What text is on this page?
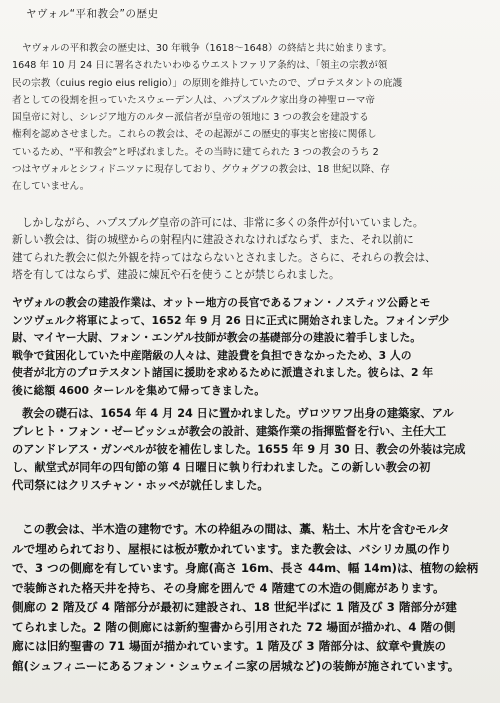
ヤヴォル“平和教会”の歴史

ヤヴォルの平和教会の歴史は、30 年戦争（1618～1648）の終結と共に始まります。

1648 年 10 月 24 日に署名されたいわゆるウエストファリア条約は、「領主の宗教が領

民の宗教（cuius regio eius religio）」の原則を維持していたので、プロテスタントの庇護

者としての役割を担っていたスウェーデン人は、ハプスブルク家出身の神聖ローマ帝

国皇帝に対し、シレジア地方のルター派信者が皇帝の領地に 3 つの教会を建設する

権利を認めさせました。これらの教会は、その起源がこの歴史的事実と密接に関係し

ているため、“平和教会”と呼ばれました。その当時に建てられた 3 つの教会のうち 2

つはヤヴォルとシフィドニツァに現存しており、グウォグフの教会は、18 世紀以降、存

在していません。

しかしながら、ハプスブルグ皇帝の許可には、非常に多くの条件が付いていました。

新しい教会は、街の城壁からの射程内に建設されなければならず、また、それ以前に

建てられた教会に似た外観を持ってはならないとされました。さらに、それらの教会は、

塔を有してはならず、建設に煉瓦や石を使うことが禁じられました。

ヤヴォルの教会の建設作業は、オットー地方の長官であるフォン・ノスティツ公爵とモ

ンツヴェルク将軍によって、1652 年 9 月 26 日に正式に開始されました。フォインデ少

尉、マイヤー大尉、フォン・エンゲル技師が教会の基礎部分の建設に着手しました。

戦争で貧困化していた中産階級の人々は、建設費を負担できなかったため、3 人の

使者が北方のプロテスタント諸国に援助を求めるために派遣されました。彼らは、2 年

後に総額 4600 ターレルを集めて帰ってきました。

教会の礎石は、1654 年 4 月 24 日に置かれました。ヴロツワフ出身の建築家、アル

ブレヒト・フォン・ゼービッシュが教会の設計、建築作業の指揮監督を行い、主任大工

のアンドレアス・ガンペルが彼を補佐しました。1655 年 9 月 30 日、教会の外装は完成

し、献堂式が同年の四旬節の第 4 日曜日に執り行われました。この新しい教会の初

代司祭にはクリスチャン・ホッペが就任しました。

この教会は、半木造の建物です。木の枠組みの間は、藁、粘土、木片を含むモルタ

ルで埋められており、屋根には板が敷かれています。また教会は、バシリカ風の作り

で、3 つの側廊を有しています。身廊(高さ 16m、長さ 44m、幅 14m)は、植物の絵柄

で装飾された格天井を持ち、その身廊を囲んで 4 階建ての木造の側廊があります。

側廊の 2 階及び 4 階部分が最初に建設され、18 世紀半ばに 1 階及び 3 階部分が建

てられました。2 階の側廊には新約聖書から引用された 72 場面が描かれ、4 階の側

廊には旧約聖書の 71 場面が描かれています。1 階及び 3 階部分は、紋章や貴族の

館(シュフィニーにあるフォン・シュウェイニ家の居城など)の装飾が施されています。
